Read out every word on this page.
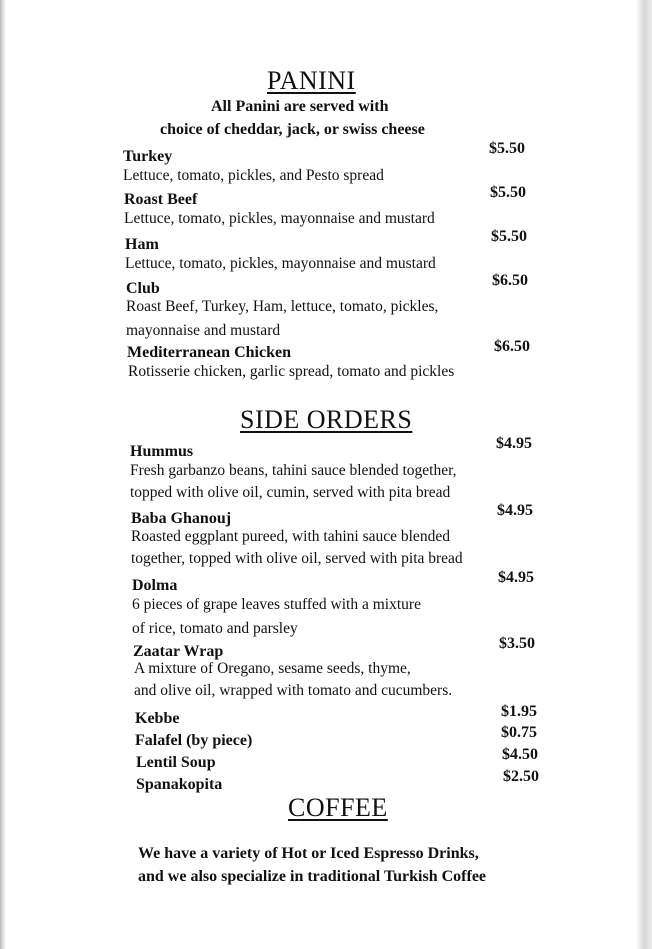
PANINI
All Panini are served with
choice of cheddar, jack, or swiss cheese
Turkey	$5.50
Lettuce, tomato, pickles, and Pesto spread
Roast Beef	$5.50
Lettuce, tomato, pickles, mayonnaise and mustard
Ham	$5.50
Lettuce, tomato, pickles, mayonnaise and mustard
Club	$6.50
Roast Beef, Turkey, Ham, lettuce, tomato, pickles,
mayonnaise and mustard
Mediterranean Chicken	$6.50
Rotisserie chicken, garlic spread, tomato and pickles
SIDE ORDERS
Hummus	$4.95
Fresh garbanzo beans, tahini sauce blended together,
topped with olive oil, cumin, served with pita bread
Baba Ghanouj	$4.95
Roasted eggplant pureed, with tahini sauce blended
together, topped with olive oil, served with pita bread
Dolma	$4.95
6 pieces of grape leaves stuffed with a mixture
of rice, tomato and parsley
Zaatar Wrap	$3.50
A mixture of Oregano, sesame seeds, thyme,
and olive oil, wrapped with tomato and cucumbers.
Kebbe	$1.95
Falafel (by piece)	$0.75
Lentil Soup	$4.50
Spanakopita	$2.50
COFFEE
We have a variety of Hot or Iced Espresso Drinks,
and we also specialize in traditional Turkish Coffee
